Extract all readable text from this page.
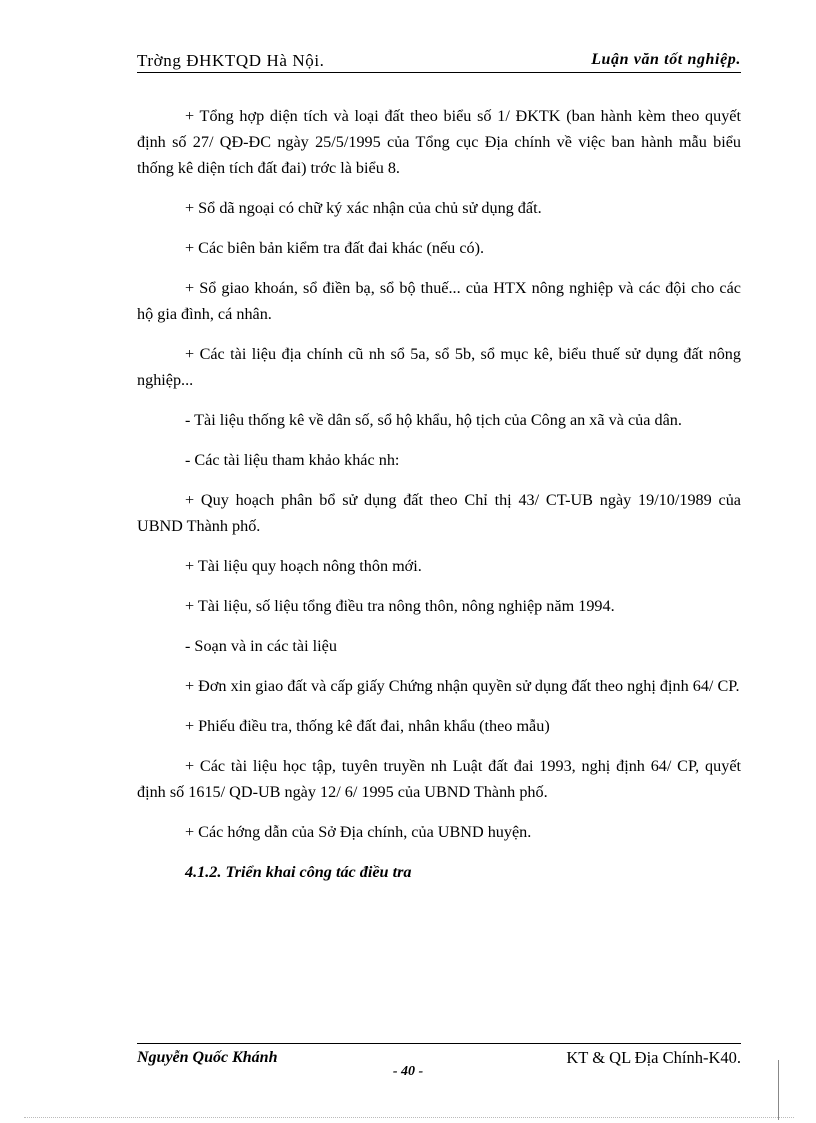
Trờng ĐHKTQD Hà Nội.	Luận văn tốt nghiệp.

+ Tổng hợp diện tích và loại đất theo biểu số 1/ ĐKTK (ban hành kèm theo quyết định số 27/ QĐ-ĐC ngày 25/5/1995 của Tổng cục Địa chính về việc ban hành mẫu biểu thống kê diện tích đất đai) trớc là biểu 8.

+ Sổ dã ngoại có chữ ký xác nhận của chủ sử dụng đất.

+ Các biên bản kiểm tra đất đai khác (nếu có).

+ Sổ giao khoán, sổ điền bạ, sổ bộ thuế... của HTX nông nghiệp và các đội cho các hộ gia đình, cá nhân.

+ Các tài liệu địa chính cũ nh sổ 5a, sổ 5b, sổ mục kê, biểu thuế sử dụng đất nông nghiệp...

- Tài liệu thống kê về dân số, sổ hộ khẩu, hộ tịch của Công an xã và của dân.

- Các tài liệu tham khảo khác nh:

+ Quy hoạch phân bổ sử dụng đất theo Chỉ thị 43/ CT-UB ngày 19/10/1989 của UBND Thành phố.

+ Tài liệu quy hoạch nông thôn mới.

+ Tài liệu, số liệu tổng điều tra nông thôn, nông nghiệp năm 1994.

- Soạn và in các tài liệu

+ Đơn xin giao đất và cấp giấy Chứng nhận quyền sử dụng đất theo nghị định 64/ CP.

+ Phiếu điều tra, thống kê đất đai, nhân khẩu (theo mẫu)

+ Các tài liệu học tập, tuyên truyền nh Luật đất đai 1993, nghị định 64/ CP, quyết định số 1615/ QD-UB ngày 12/ 6/ 1995 của UBND Thành phố.

+ Các hớng dẫn của Sở Địa chính, của UBND huyện.

4.1.2. Triển khai công tác điều tra

Nguyễn Quốc Khánh	KT & QL Địa Chính-K40.
- 40 -
